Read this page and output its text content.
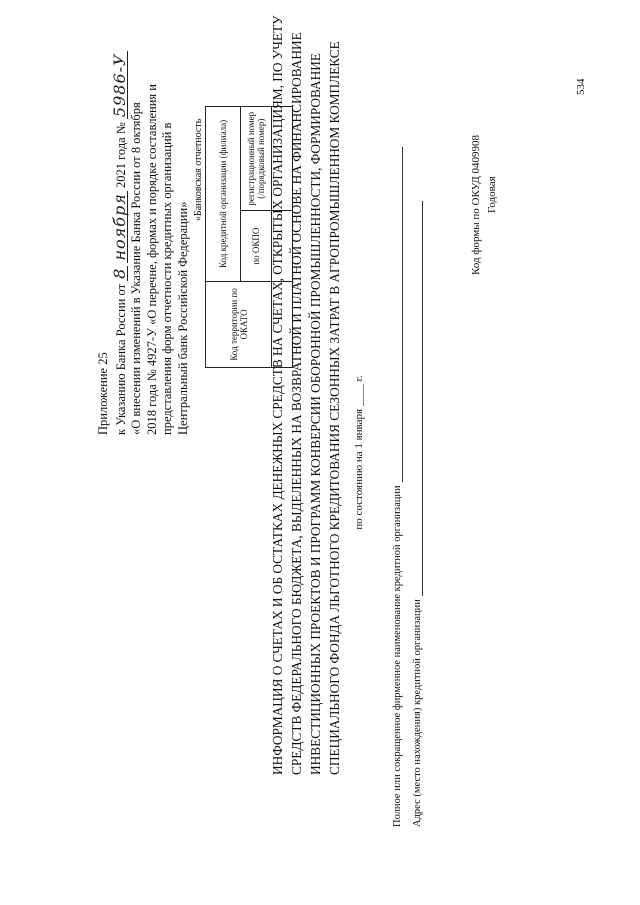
Приложение 25 к Указанию Банка России от 8 ноября 2021 года № 5986-У
«О внесении изменений в Указание Банка России от 8 октября 2018 года № 4927-У «О перечне, формах и порядке составления и представления форм отчетности кредитных организаций в Центральный банк Российской Федерации»
«Банковская отчетность
Код территории по ОКАТО	Код кредитной организации (филиала)	
	по ОКПО	регистрационный номер (/порядковый номер)
		ИНФОРМАЦИЯ О СЧЕТАХ И ОБ ОСТАТКАХ ДЕНЕЖНЫХ СРЕДСТВ НА СЧЕТАХ, ОТКРЫТЫХ ОРГАНИЗАЦИЯМ, ПО УЧЕТУ СРЕДСТВ ФЕДЕРАЛЬНОГО БЮДЖЕТА, ВЫДЕЛЕННЫХ НА ВОЗВРАТНОЙ И ПЛАТНОЙ ОСНОВЕ НА ФИНАНСИРОВАНИЕ ИНВЕСТИЦИОННЫХ ПРОЕКТОВ И ПРОГРАММ КОНВЕРСИИ ОБОРОННОЙ ПРОМЫШЛЕННОСТИ, ФОРМИРОВАНИЕ СПЕЦИАЛЬНОГО ФОНДА ЛЬГОТНОГО КРЕДИТОВАНИЯ СЕЗОННЫХ ЗАТРАТ В АГРОПРОМЫШЛЕННОМ КОМПЛЕКСЕ по состоянию на 1 января ____ г.
Полное или сокращенное фирменное наименование кредитной организации Адрес (место нахождения) кредитной организации
Код формы по ОКУД 0409908 Годовая
534
